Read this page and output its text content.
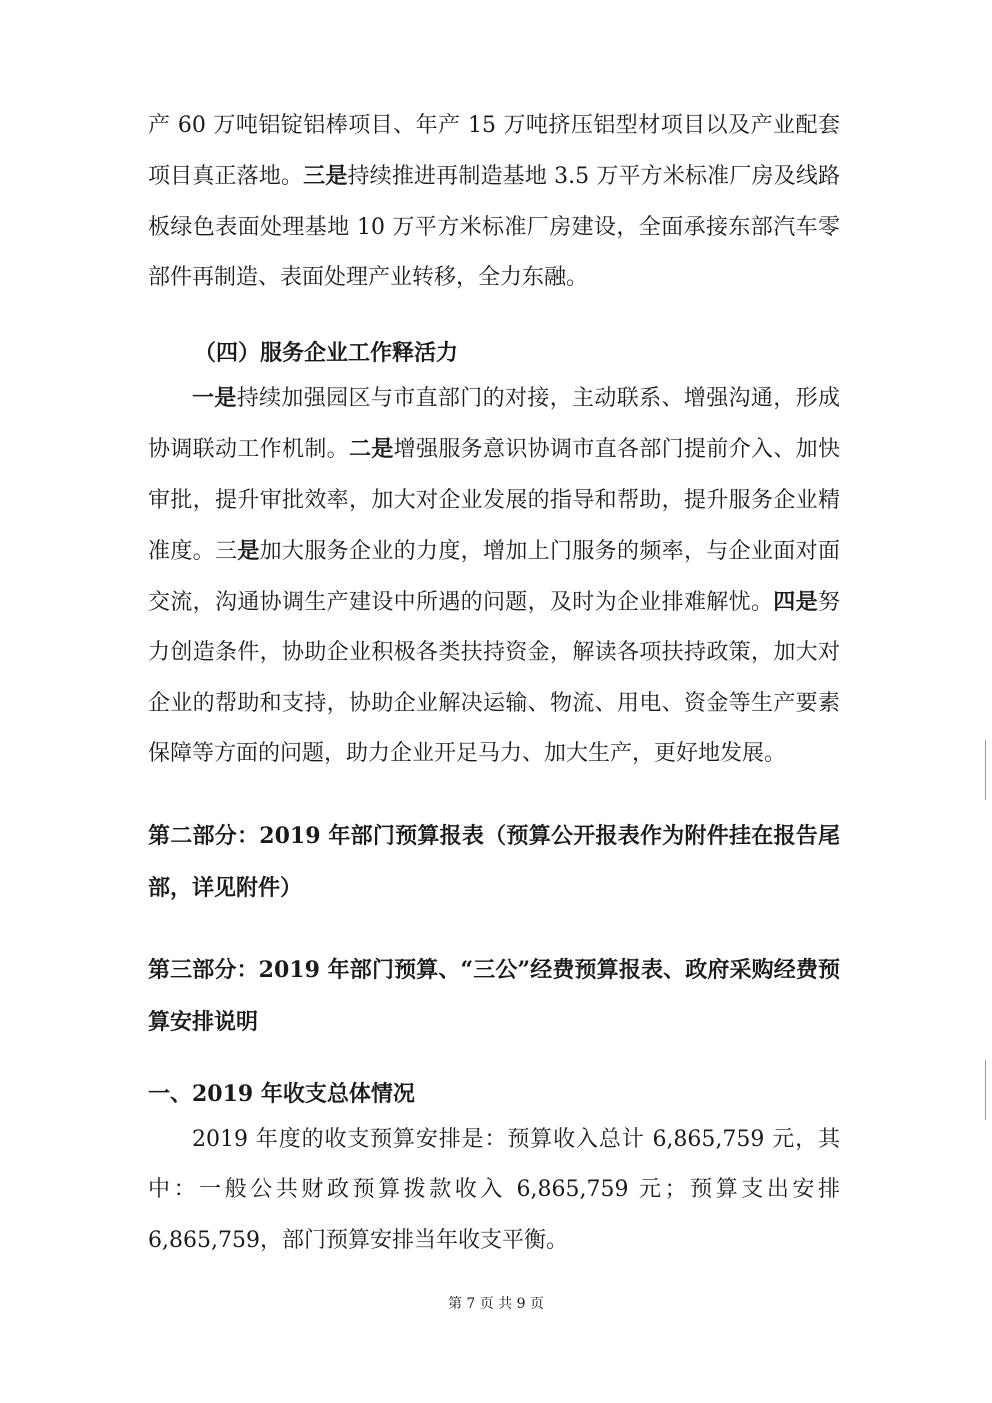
产 60 万吨铝锭铝棒项目、年产 15 万吨挤压铝型材项目以及产业配套项目真正落地。三是持续推进再制造基地 3.5 万平方米标准厂房及线路板绿色表面处理基地 10 万平方米标准厂房建设，全面承接东部汽车零部件再制造、表面处理产业转移，全力东融。

（四）服务企业工作释活力

一是持续加强园区与市直部门的对接，主动联系、增强沟通，形成协调联动工作机制。二是增强服务意识协调市直各部门提前介入、加快审批，提升审批效率，加大对企业发展的指导和帮助，提升服务企业精准度。三是加大服务企业的力度，增加上门服务的频率，与企业面对面交流，沟通协调生产建设中所遇的问题，及时为企业排难解忧。四是努力创造条件，协助企业积极各类扶持资金，解读各项扶持政策，加大对企业的帮助和支持，协助企业解决运输、物流、用电、资金等生产要素保障等方面的问题，助力企业开足马力、加大生产，更好地发展。

第二部分：2019 年部门预算报表（预算公开报表作为附件挂在报告尾部，详见附件）
第三部分：2019 年部门预算、“三公”经费预算报表、政府采购经费预算安排说明
一、2019 年收支总体情况

2019 年度的收支预算安排是：预算收入总计 6,865,759 元，其中：一般公共财政预算拨款收入 6,865,759 元；预算支出安排 6,865,759，部门预算安排当年收支平衡。

第 7 页 共 9 页
